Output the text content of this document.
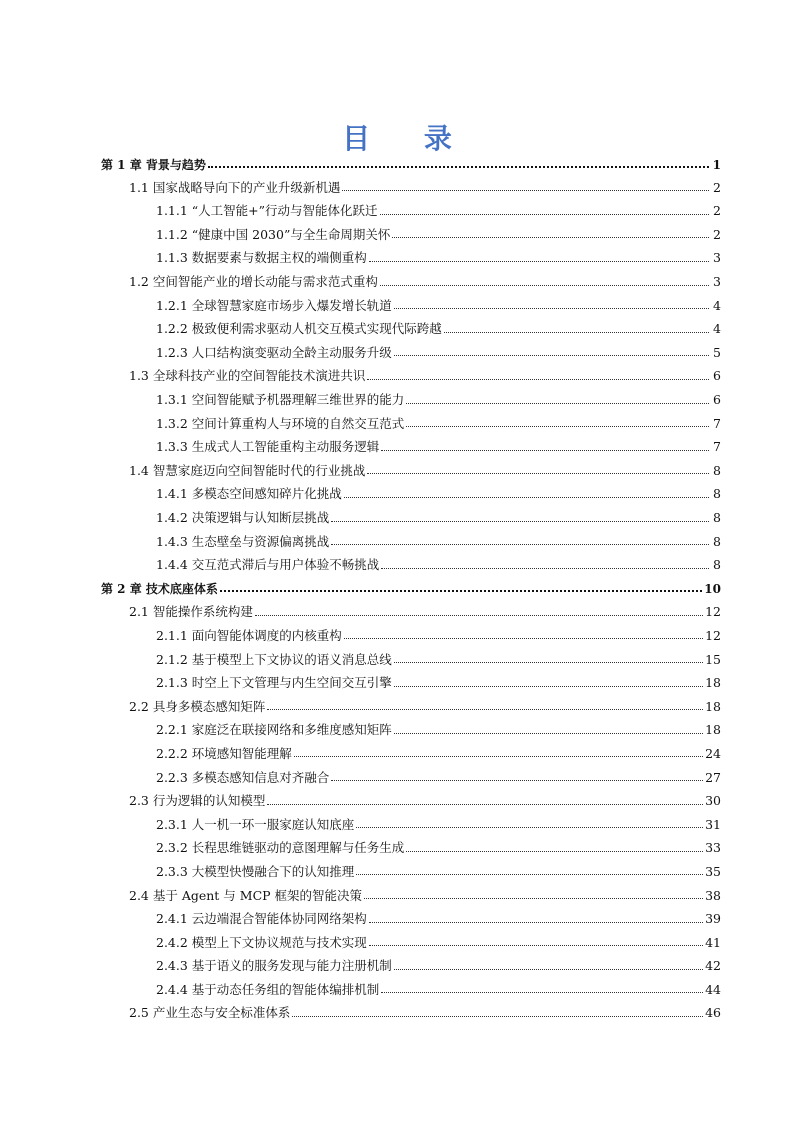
目 录
第 1 章 背景与趋势	1
1.1 国家战略导向下的产业升级新机遇	2
1.1.1 “人工智能+”行动与智能体化跃迁	2
1.1.2 “健康中国 2030”与全生命周期关怀	2
1.1.3 数据要素与数据主权的端侧重构	3
1.2 空间智能产业的增长动能与需求范式重构	3
1.2.1 全球智慧家庭市场步入爆发增长轨道	4
1.2.2 极致便利需求驱动人机交互模式实现代际跨越	4
1.2.3 人口结构演变驱动全龄主动服务升级	5
1.3 全球科技产业的空间智能技术演进共识	6
1.3.1 空间智能赋予机器理解三维世界的能力	6
1.3.2 空间计算重构人与环境的自然交互范式	7
1.3.3 生成式人工智能重构主动服务逻辑	7
1.4 智慧家庭迈向空间智能时代的行业挑战	8
1.4.1 多模态空间感知碎片化挑战	8
1.4.2 决策逻辑与认知断层挑战	8
1.4.3 生态壁垒与资源偏离挑战	8
1.4.4 交互范式滞后与用户体验不畅挑战	8
第 2 章 技术底座体系	10
2.1 智能操作系统构建	12
2.1.1 面向智能体调度的内核重构	12
2.1.2 基于模型上下文协议的语义消息总线	15
2.1.3 时空上下文管理与内生空间交互引擎	18
2.2 具身多模态感知矩阵	18
2.2.1 家庭泛在联接网络和多维度感知矩阵	18
2.2.2 环境感知智能理解	24
2.2.3 多模态感知信息对齐融合	27
2.3 行为逻辑的认知模型	30
2.3.1 人一机一环一服家庭认知底座	31
2.3.2 长程思维链驱动的意图理解与任务生成	33
2.3.3 大模型快慢融合下的认知推理	35
2.4 基于 Agent 与 MCP 框架的智能决策	38
2.4.1 云边端混合智能体协同网络架构	39
2.4.2 模型上下文协议规范与技术实现	41
2.4.3 基于语义的服务发现与能力注册机制	42
2.4.4 基于动态任务组的智能体编排机制	44
2.5 产业生态与安全标准体系	46
